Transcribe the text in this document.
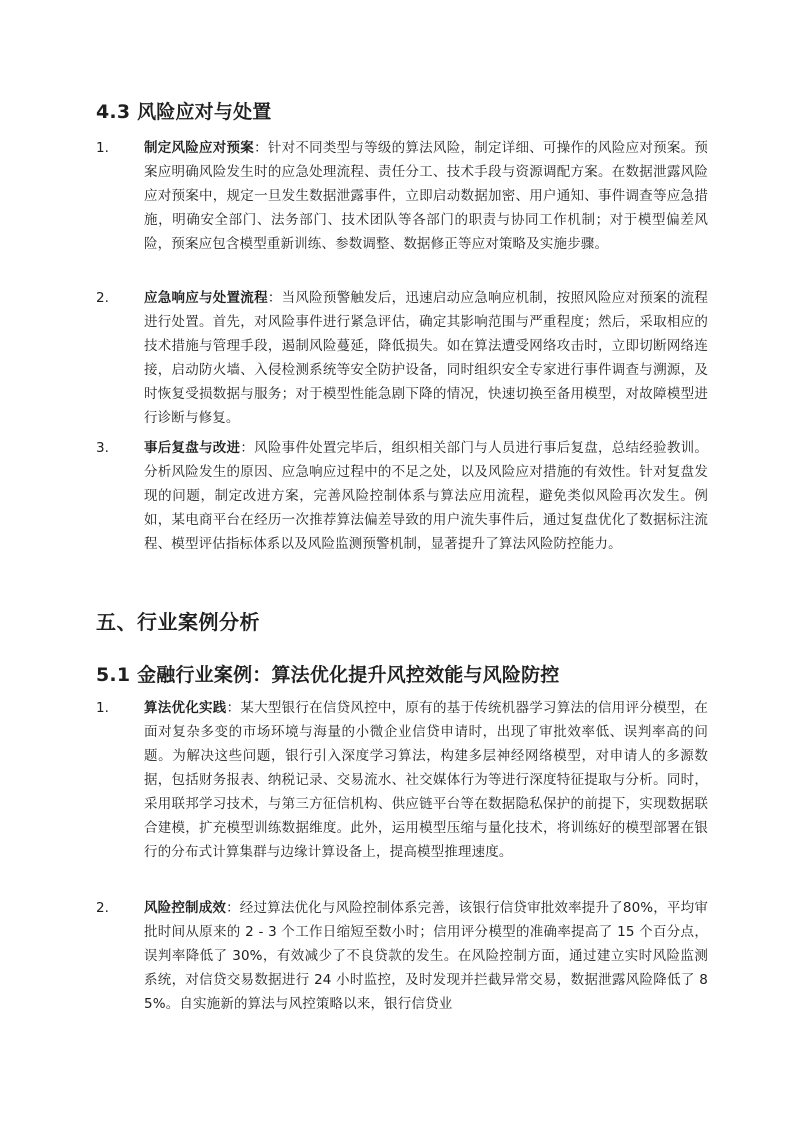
4.3 风险应对与处置
1.	制定风险应对预案：针对不同类型与等级的算法风险，制定详细、可操作的风险应对预案。预案应明确风险发生时的应急处理流程、责任分工、技术手段与资源调配方案。在数据泄露风险应对预案中，规定一旦发生数据泄露事件，立即启动数据加密、用户通知、事件调查等应急措施，明确安全部门、法务部门、技术团队等各部门的职责与协同工作机制；对于模型偏差风险，预案应包含模型重新训练、参数调整、数据修正等应对策略及实施步骤。

2.	应急响应与处置流程：当风险预警触发后，迅速启动应急响应机制，按照风险应对预案的流程进行处置。首先，对风险事件进行紧急评估，确定其影响范围与严重程度；然后，采取相应的技术措施与管理手段，遏制风险蔓延，降低损失。如在算法遭受网络攻击时，立即切断网络连接，启动防火墙、入侵检测系统等安全防护设备，同时组织安全专家进行事件调查与溯源，及时恢复受损数据与服务；对于模型性能急剧下降的情况，快速切换至备用模型，对故障模型进行诊断与修复。

3.	事后复盘与改进：风险事件处置完毕后，组织相关部门与人员进行事后复盘，总结经验教训。分析风险发生的原因、应急响应过程中的不足之处，以及风险应对措施的有效性。针对复盘发现的问题，制定改进方案，完善风险控制体系与算法应用流程，避免类似风险再次发生。例如，某电商平台在经历一次推荐算法偏差导致的用户流失事件后，通过复盘优化了数据标注流程、模型评估指标体系以及风险监测预警机制，显著提升了算法风险防控能力。

五、行业案例分析
5.1 金融行业案例：算法优化提升风控效能与风险防控
1.	算法优化实践：某大型银行在信贷风控中，原有的基于传统机器学习算法的信用评分模型，在面对复杂多变的市场环境与海量的小微企业信贷申请时，出现了审批效率低、误判率高的问题。为解决这些问题，银行引入深度学习算法，构建多层神经网络模型，对申请人的多源数据，包括财务报表、纳税记录、交易流水、社交媒体行为等进行深度特征提取与分析。同时，采用联邦学习技术，与第三方征信机构、供应链平台等在数据隐私保护的前提下，实现数据联合建模，扩充模型训练数据维度。此外，运用模型压缩与量化技术，将训练好的模型部署在银行的分布式计算集群与边缘计算设备上，提高模型推理速度。

2.	风险控制成效：经过算法优化与风险控制体系完善，该银行信贷审批效率提升了80%，平均审批时间从原来的 2 - 3 个工作日缩短至数小时；信用评分模型的准确率提高了 15 个百分点，误判率降低了 30%，有效减少了不良贷款的发生。在风险控制方面，通过建立实时风险监测系统，对信贷交易数据进行 24 小时监控，及时发现并拦截异常交易，数据泄露风险降低了 85%。自实施新的算法与风控策略以来，银行信贷业
